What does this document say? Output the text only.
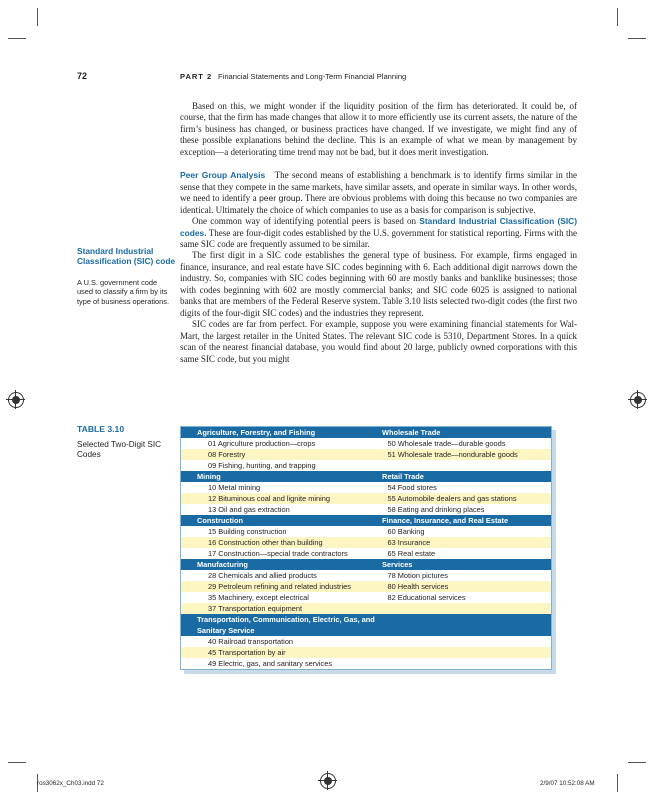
72	PART 2 Financial Statements and Long-Term Financial Planning

Based on this, we might wonder if the liquidity position of the firm has deteriorated. It could be, of course, that the firm has made changes that allow it to more efficiently use its current assets, the nature of the firm’s business has changed, or business practices have changed. If we investigate, we might find any of these possible explanations behind the decline. This is an example of what we mean by management by exception—a deteriorating time trend may not be bad, but it does merit investigation.

Peer Group Analysis The second means of establishing a benchmark is to identify firms similar in the sense that they compete in the same markets, have similar assets, and operate in similar ways. In other words, we need to identify a peer group. There are obvious problems with doing this because no two companies are identical. Ultimately the choice of which companies to use as a basis for comparison is subjective.

One common way of identifying potential peers is based on Standard Industrial Classification (SIC) codes. These are four-digit codes established by the U.S. government for statistical reporting. Firms with the same SIC code are frequently assumed to be similar.

The first digit in a SIC code establishes the general type of business. For example, firms engaged in finance, insurance, and real estate have SIC codes beginning with 6. Each additional digit narrows down the industry. So, companies with SIC codes beginning with 60 are mostly banks and banklike businesses; those with codes beginning with 602 are mostly commercial banks; and SIC code 6025 is assigned to national banks that are members of the Federal Reserve system. Table 3.10 lists selected two-digit codes (the first two digits of the four-digit SIC codes) and the industries they represent.

SIC codes are far from perfect. For example, suppose you were examining financial statements for Wal-Mart, the largest retailer in the United States. The relevant SIC code is 5310, Department Stores. In a quick scan of the nearest financial database, you would find about 20 large, publicly owned corporations with this same SIC code, but you might

Standard Industrial Classification (SIC) code
A U.S. government code used to classify a firm by its type of business operations.
TABLE 3.10
Selected Two-Digit SIC Codes
Agriculture, Forestry, and Fishing	Wholesale Trade
01 Agriculture production—crops	50 Wholesale trade—durable goods
08 Forestry	51 Wholesale trade—nondurable goods
09 Fishing, hunting, and trapping
Mining	Retail Trade
10 Metal mining	54 Food stores
12 Bituminous coal and lignite mining	55 Automobile dealers and gas stations
13 Oil and gas extraction	58 Eating and drinking places
Construction	Finance, Insurance, and Real Estate
15 Building construction	60 Banking
16 Construction other than building	63 Insurance
17 Construction—special trade contractors	65 Real estate
Manufacturing	Services
28 Chemicals and allied products	78 Motion pictures
29 Petroleum refining and related industries	80 Health services
35 Machinery, except electrical	82 Educational services
37 Transportation equipment
Transportation, Communication, Electric, Gas, and Sanitary Service
40 Railroad transportation
45 Transportation by air
49 Electric, gas, and sanitary services
ros3062x_Ch03.indd 72	2/9/07 10:52:08 AM
